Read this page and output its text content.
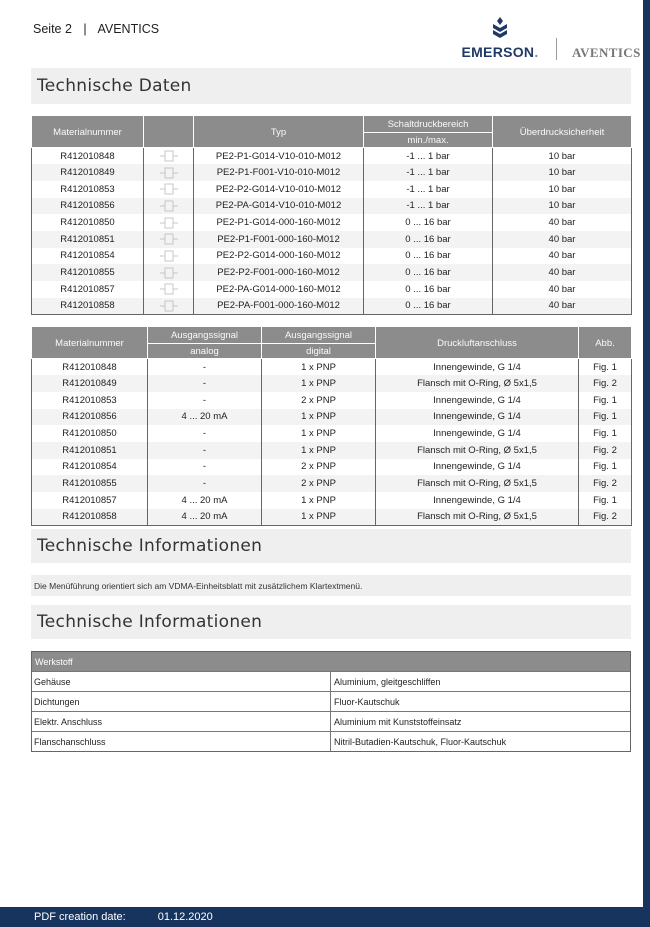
Seite 2 | AVENTICS
EMERSON.	AVENTICS
Technische Daten
Materialnummer		Typ	Schaltdruckbereich	Überdrucksicherheit
			min./max.	
R412010848		PE2-P1-G014-V10-010-M012	-1 ... 1 bar	10 bar
R412010849		PE2-P1-F001-V10-010-M012	-1 ... 1 bar	10 bar
R412010853		PE2-P2-G014-V10-010-M012	-1 ... 1 bar	10 bar
R412010856		PE2-PA-G014-V10-010-M012	-1 ... 1 bar	10 bar
R412010850		PE2-P1-G014-000-160-M012	0 ... 16 bar	40 bar
R412010851		PE2-P1-F001-000-160-M012	0 ... 16 bar	40 bar
R412010854		PE2-P2-G014-000-160-M012	0 ... 16 bar	40 bar
R412010855		PE2-P2-F001-000-160-M012	0 ... 16 bar	40 bar
R412010857		PE2-PA-G014-000-160-M012	0 ... 16 bar	40 bar
R412010858		PE2-PA-F001-000-160-M012	0 ... 16 bar	40 bar
Materialnummer	Ausgangssignal	Ausgangssignal	Druckluftanschluss	Abb.
	analog	digital		
R412010848	-	1 x PNP	Innengewinde, G 1/4	Fig. 1
R412010849	-	1 x PNP	Flansch mit O-Ring, Ø 5x1,5	Fig. 2
R412010853	-	2 x PNP	Innengewinde, G 1/4	Fig. 1
R412010856	4 ... 20 mA	1 x PNP	Innengewinde, G 1/4	Fig. 1
R412010850	-	1 x PNP	Innengewinde, G 1/4	Fig. 1
R412010851	-	1 x PNP	Flansch mit O-Ring, Ø 5x1,5	Fig. 2
R412010854	-	2 x PNP	Innengewinde, G 1/4	Fig. 1
R412010855	-	2 x PNP	Flansch mit O-Ring, Ø 5x1,5	Fig. 2
R412010857	4 ... 20 mA	1 x PNP	Innengewinde, G 1/4	Fig. 1
R412010858	4 ... 20 mA	1 x PNP	Flansch mit O-Ring, Ø 5x1,5	Fig. 2
Technische Informationen
Die Menüführung orientiert sich am VDMA-Einheitsblatt mit zusätzlichem Klartextmenü.
Technische Informationen
Werkstoff
Gehäuse	Aluminium, gleitgeschliffen
Dichtungen	Fluor-Kautschuk
Elektr. Anschluss	Aluminium mit Kunststoffeinsatz
Flanschanschluss	Nitril-Butadien-Kautschuk, Fluor-Kautschuk
PDF creation date:	01.12.2020
